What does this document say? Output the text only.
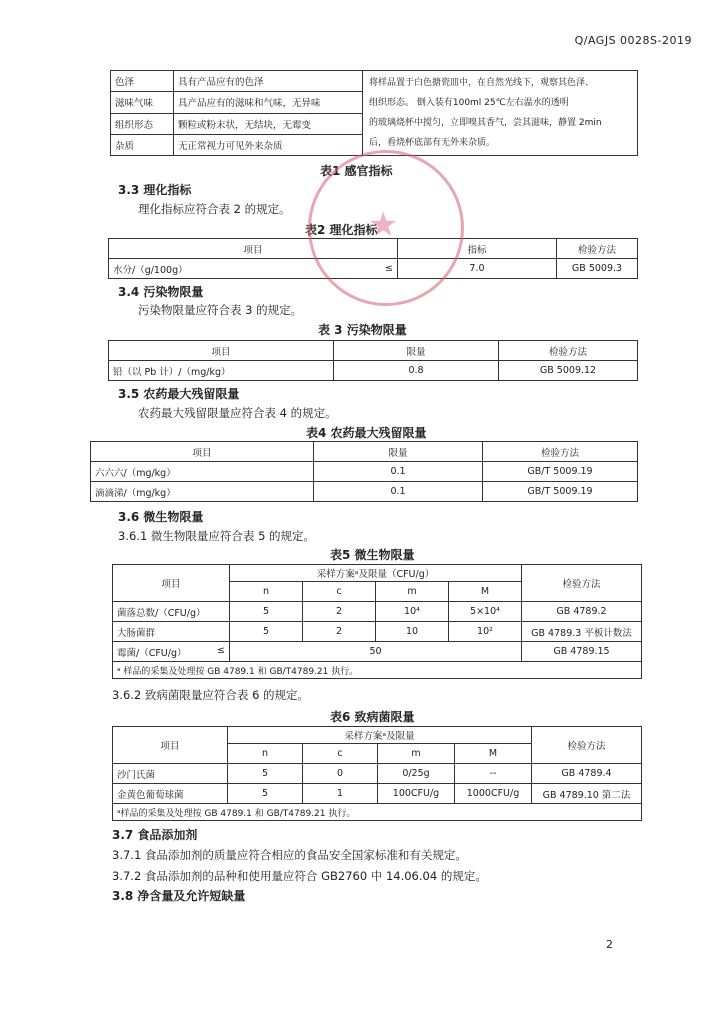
Q/AGJS 0028S-2019
色泽	具有产品应有的色泽	将样品置于白色搪瓷皿中，在自然光线下，观察其色泽、
组织形态。 倒入装有100ml 25℃左右温水的透明
的玻璃烧杯中搅匀，立即嗅其香气，尝其滋味，静置 2min
后，看烧杯底部有无外来杂质。

滋味气味	具产品应有的滋味和气味，无异味	
组织形态	颗粒或粉末状，无结块，无霉变	
杂质	无正常视力可见外来杂质	
表1 感官指标
3.3 理化指标
理化指标应符合表 2 的规定。
表2 理化指标
项目		指标	检验方法
水分/（g/100g）	≤	7.0	GB 5009.3
3.4 污染物限量
污染物限量应符合表 3 的规定。
表 3 污染物限量
项目	限量	检验方法
铅（以 Pb 计）/（mg/kg）	0.8	GB 5009.12
3.5 农药最大残留限量
农药最大残留限量应符合表 4 的规定。
表4 农药最大残留限量
项目	限量	检验方法
六六六/（mg/kg）	0.1	GB/T 5009.19
滴滴涕/（mg/kg）	0.1	GB/T 5009.19
3.6 微生物限量
3.6.1 微生物限量应符合表 5 的规定。
表5 微生物限量
项目	采样方案ᵃ及限量（CFU/g）				检验方法
	n	c	m	M	
菌落总数/（CFU/g）	5	2	10⁴	5×10⁴	GB 4789.2
大肠菌群	5	2	10	10²	GB 4789.3 平板计数法
霉菌/（CFU/g） ≤	50				GB 4789.15
ᵃ 样品的采集及处理按 GB 4789.1 和 GB/T4789.21 执行。					
3.6.2 致病菌限量应符合表 6 的规定。
表6 致病菌限量
项目	采样方案ᵃ及限量				检验方法
	n	c	m	M	
沙门氏菌	5	0	0/25g	--	GB 4789.4
金黄色葡萄球菌	5	1	100CFU/g	1000CFU/g	GB 4789.10 第二法
ᵃ样品的采集及处理按 GB 4789.1 和 GB/T4789.21 执行。					
3.7 食品添加剂
3.7.1 食品添加剂的质量应符合相应的食品安全国家标准和有关规定。
3.7.2 食品添加剂的品种和使用量应符合 GB2760 中 14.06.04 的规定。
3.8 净含量及允许短缺量
2
★
